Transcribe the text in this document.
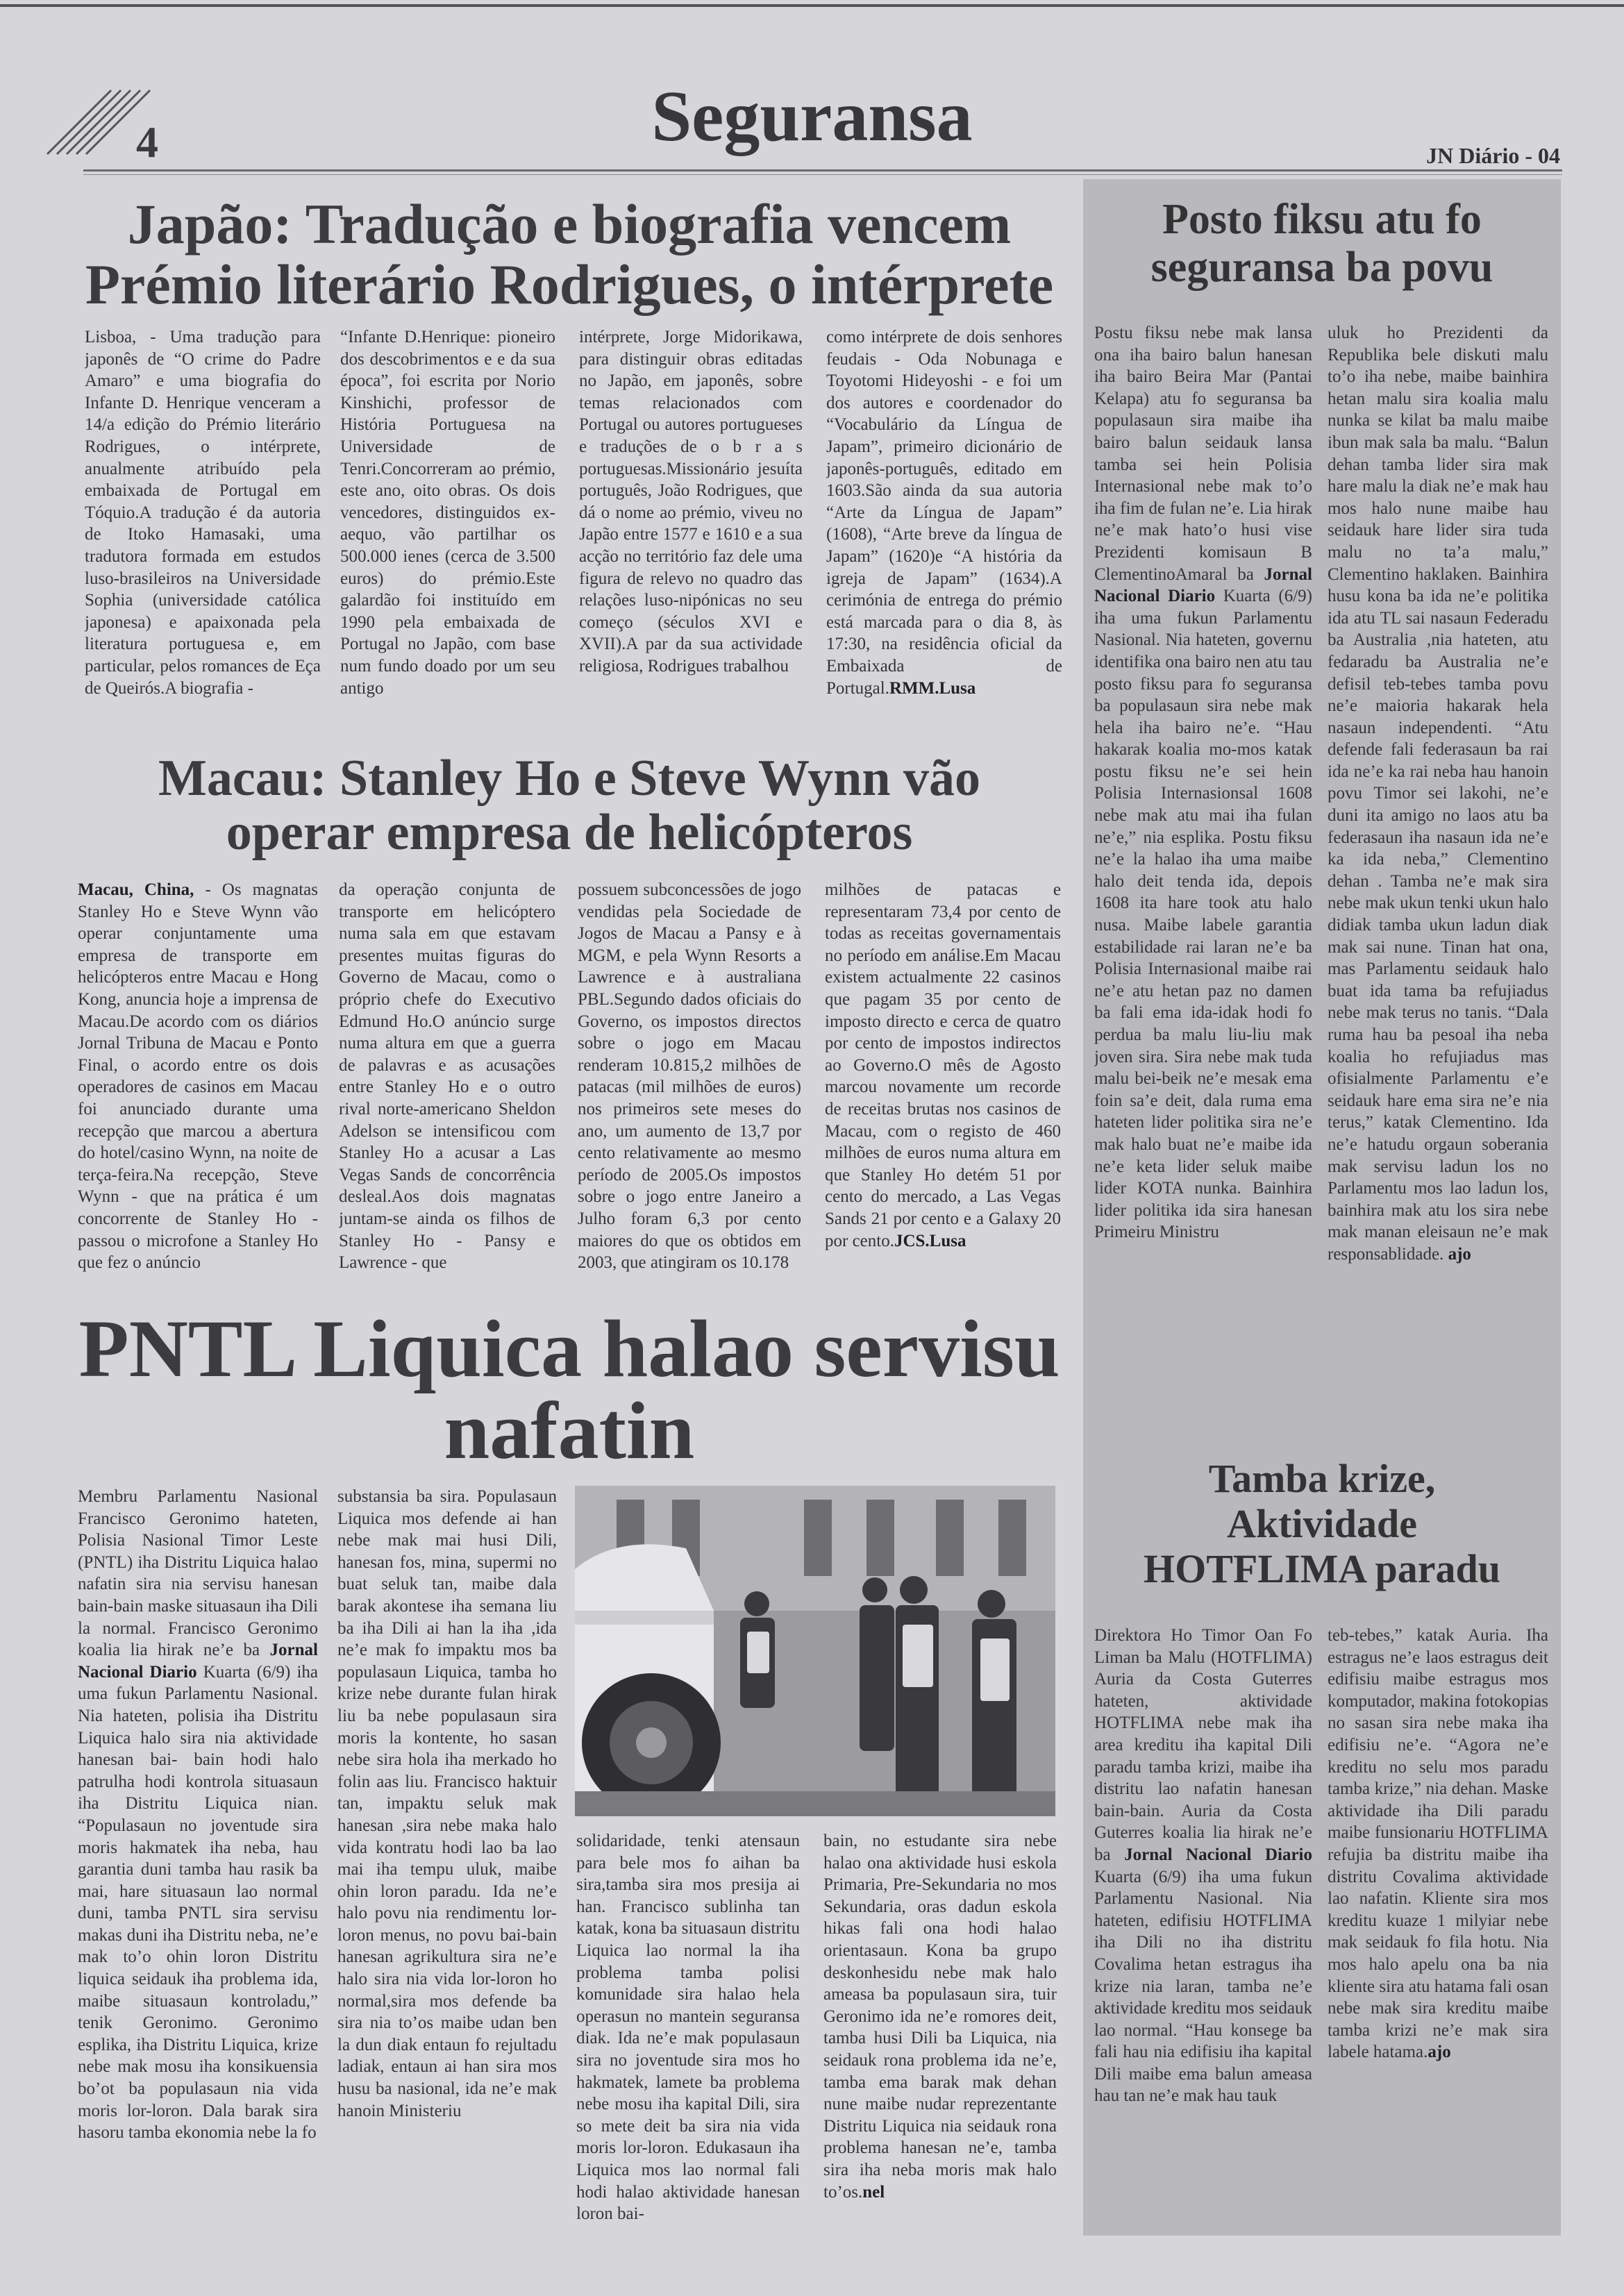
4	Seguransa	JN Diário - 04
Japão: Tradução e biografia vencem
Prémio literário Rodrigues, o intérprete

Lisboa, - Uma tradução para japonês de “O crime do Padre Amaro” e uma biografia do Infante D. Henrique venceram a 14/a edição do Prémio literário Rodrigues, o intérprete, anualmente atribuído pela embaixada de Portugal em Tóquio.A tradução é da autoria de Itoko Hamasaki, uma tradutora formada em estudos luso-brasileiros na Universidade Sophia (universidade católica japonesa) e apaixonada pela literatura portuguesa e, em particular, pelos romances de Eça de Queirós.A biografia -

“Infante D.Henrique: pioneiro dos descobrimentos e e da sua época”, foi escrita por Norio Kinshichi, professor de História Portuguesa na Universidade de Tenri.Concorreram ao prémio, este ano, oito obras. Os dois vencedores, distinguidos ex-aequo, vão partilhar os 500.000 ienes (cerca de 3.500 euros) do prémio.Este galardão foi instituído em 1990 pela embaixada de Portugal no Japão, com base num fundo doado por um seu antigo

intérprete, Jorge Midorikawa, para distinguir obras editadas no Japão, em japonês, sobre temas relacionados com Portugal ou autores portugueses e traduções de o b r a s portuguesas.Missionário jesuíta português, João Rodrigues, que dá o nome ao prémio, viveu no Japão entre 1577 e 1610 e a sua acção no território faz dele uma figura de relevo no quadro das relações luso-nipónicas no seu começo (séculos XVI e XVII).A par da sua actividade religiosa, Rodrigues trabalhou

como intérprete de dois senhores feudais - Oda Nobunaga e Toyotomi Hideyoshi - e foi um dos autores e coordenador do “Vocabulário da Língua de Japam”, primeiro dicionário de japonês-português, editado em 1603.São ainda da sua autoria “Arte da Língua de Japam” (1608), “Arte breve da língua de Japam” (1620)e “A história da igreja de Japam” (1634).A cerimónia de entrega do prémio está marcada para o dia 8, às 17:30, na residência oficial da Embaixada de Portugal.RMM.Lusa

Macau: Stanley Ho e Steve Wynn vão
operar empresa de helicópteros

Macau, China, - Os magnatas Stanley Ho e Steve Wynn vão operar conjuntamente uma empresa de transporte em helicópteros entre Macau e Hong Kong, anuncia hoje a imprensa de Macau.De acordo com os diários Jornal Tribuna de Macau e Ponto Final, o acordo entre os dois operadores de casinos em Macau foi anunciado durante uma recepção que marcou a abertura do hotel/casino Wynn, na noite de terça-feira.Na recepção, Steve Wynn - que na prática é um concorrente de Stanley Ho - passou o microfone a Stanley Ho que fez o anúncio

da operação conjunta de transporte em helicóptero numa sala em que estavam presentes muitas figuras do Governo de Macau, como o próprio chefe do Executivo Edmund Ho.O anúncio surge numa altura em que a guerra de palavras e as acusações entre Stanley Ho e o outro rival norte-americano Sheldon Adelson se intensificou com Stanley Ho a acusar a Las Vegas Sands de concorrência desleal.Aos dois magnatas juntam-se ainda os filhos de Stanley Ho - Pansy e Lawrence - que

possuem subconcessões de jogo vendidas pela Sociedade de Jogos de Macau a Pansy e à MGM, e pela Wynn Resorts a Lawrence e à australiana PBL.Segundo dados oficiais do Governo, os impostos directos sobre o jogo em Macau renderam 10.815,2 milhões de patacas (mil milhões de euros) nos primeiros sete meses do ano, um aumento de 13,7 por cento relativamente ao mesmo período de 2005.Os impostos sobre o jogo entre Janeiro a Julho foram 6,3 por cento maiores do que os obtidos em 2003, que atingiram os 10.178

milhões de patacas e representaram 73,4 por cento de todas as receitas governamentais no período em análise.Em Macau existem actualmente 22 casinos que pagam 35 por cento de imposto directo e cerca de quatro por cento de impostos indirectos ao Governo.O mês de Agosto marcou novamente um recorde de receitas brutas nos casinos de Macau, com o registo de 460 milhões de euros numa altura em que Stanley Ho detém 51 por cento do mercado, a Las Vegas Sands 21 por cento e a Galaxy 20 por cento.JCS.Lusa

PNTL Liquica halao servisu
nafatin

Membru Parlamentu Nasional Francisco Geronimo hateten, Polisia Nasional Timor Leste (PNTL) iha Distritu Liquica halao nafatin sira nia servisu hanesan bain-bain maske situasaun iha Dili la normal. Francisco Geronimo koalia lia hirak ne’e ba Jornal Nacional Diario Kuarta (6/9) iha uma fukun Parlamentu Nasional. Nia hateten, polisia iha Distritu Liquica halo sira nia aktividade hanesan bai- bain hodi halo patrulha hodi kontrola situasaun iha Distritu Liquica nian. “Populasaun no joventude sira moris hakmatek iha neba, hau garantia duni tamba hau rasik ba mai, hare situasaun lao normal duni, tamba PNTL sira servisu makas duni iha Distritu neba, ne’e mak to’o ohin loron Distritu liquica seidauk iha problema ida, maibe situasaun kontroladu,” tenik Geronimo. Geronimo esplika, iha Distritu Liquica, krize nebe mak mosu iha konsikuensia bo’ot ba populasaun nia vida moris lor-loron. Dala barak sira hasoru tamba ekonomia nebe la fo

substansia ba sira. Populasaun Liquica mos defende ai han nebe mak mai husi Dili, hanesan fos, mina, supermi no buat seluk tan, maibe dala barak akontese iha semana liu ba iha Dili ai han la iha ,ida ne’e mak fo impaktu mos ba populasaun Liquica, tamba ho krize nebe durante fulan hirak liu ba nebe populasaun sira moris la kontente, ho sasan nebe sira hola iha merkado ho folin aas liu. Francisco haktuir tan, impaktu seluk mak hanesan ,sira nebe maka halo vida kontratu hodi lao ba lao mai iha tempu uluk, maibe ohin loron paradu. Ida ne’e halo povu nia rendimentu lor-loron menus, no povu bai-bain hanesan agrikultura sira ne’e halo sira nia vida lor-loron ho normal,sira mos defende ba sira nia to’os maibe udan ben la dun diak entaun fo rejultadu ladiak, entaun ai han sira mos husu ba nasional, ida ne’e mak hanoin Ministeriu

solidaridade, tenki atensaun para bele mos fo aihan ba sira,tamba sira mos presija ai han. Francisco sublinha tan katak, kona ba situasaun distritu Liquica lao normal la iha problema tamba polisi komunidade sira halao hela operasun no mantein seguransa diak. Ida ne’e mak populasaun sira no joventude sira mos ho hakmatek, lamete ba problema nebe mosu iha kapital Dili, sira so mete deit ba sira nia vida moris lor-loron. Edukasaun iha Liquica mos lao normal fali hodi halao aktividade hanesan loron bai-

bain, no estudante sira nebe halao ona aktividade husi eskola Primaria, Pre-Sekundaria no mos Sekundaria, oras dadun eskola hikas fali ona hodi halao orientasaun. Kona ba grupo deskonhesidu nebe mak halo ameasa ba populasaun sira, tuir Geronimo ida ne’e romores deit, tamba husi Dili ba Liquica, nia seidauk rona problema ida ne’e, tamba ema barak mak dehan nune maibe nudar reprezentante Distritu Liquica nia seidauk rona problema hanesan ne’e, tamba sira iha neba moris mak halo to’os.nel

Posto fiksu atu fo
seguransa ba povu

Postu fiksu nebe mak lansa ona iha bairo balun hanesan iha bairo Beira Mar (Pantai Kelapa) atu fo seguransa ba populasaun sira maibe iha bairo balun seidauk lansa tamba sei hein Polisia Internasional nebe mak to’o iha fim de fulan ne’e. Lia hirak ne’e mak hato’o husi vise Prezidenti komisaun B ClementinoAmaral ba Jornal Nacional Diario Kuarta (6/9) iha uma fukun Parlamentu Nasional. Nia hateten, governu identifika ona bairo nen atu tau posto fiksu para fo seguransa ba populasaun sira nebe mak hela iha bairo ne’e. “Hau hakarak koalia mo-mos katak postu fiksu ne’e sei hein Polisia Internasionsal 1608 nebe mak atu mai iha fulan ne’e,” nia esplika. Postu fiksu ne’e la halao iha uma maibe halo deit tenda ida, depois 1608 ita hare took atu halo nusa. Maibe labele garantia estabilidade rai laran ne’e ba Polisia Internasional maibe rai ne’e atu hetan paz no damen ba fali ema ida-idak hodi fo perdua ba malu liu-liu mak joven sira. Sira nebe mak tuda malu bei-beik ne’e mesak ema foin sa’e deit, dala ruma ema hateten lider politika sira ne’e mak halo buat ne’e maibe ida ne’e keta lider seluk maibe lider KOTA nunka. Bainhira lider politika ida sira hanesan Primeiru Ministru

uluk ho Prezidenti da Republika bele diskuti malu to’o iha nebe, maibe bainhira hetan malu sira koalia malu nunka se kilat ba malu maibe ibun mak sala ba malu. “Balun dehan tamba lider sira mak hare malu la diak ne’e mak hau mos halo nune maibe hau seidauk hare lider sira tuda malu no ta’a malu,” Clementino haklaken. Bainhira husu kona ba ida ne’e politika ida atu TL sai nasaun Federadu ba Australia ,nia hateten, atu fedaradu ba Australia ne’e defisil teb-tebes tamba povu ne’e maioria hakarak hela nasaun independenti. “Atu defende fali federasaun ba rai ida ne’e ka rai neba hau hanoin povu Timor sei lakohi, ne’e duni ita amigo no laos atu ba federasaun iha nasaun ida ne’e ka ida neba,” Clementino dehan . Tamba ne’e mak sira nebe mak ukun tenki ukun halo didiak tamba ukun ladun diak mak sai nune. Tinan hat ona, mas Parlamentu seidauk halo buat ida tama ba refujiadus nebe mak terus no tanis. “Dala ruma hau ba pesoal iha neba koalia ho refujiadus mas ofisialmente Parlamentu e’e seidauk hare ema sira ne’e nia terus,” katak Clementino. Ida ne’e hatudu orgaun soberania mak servisu ladun los no Parlamentu mos lao ladun los, bainhira mak atu los sira nebe mak manan eleisaun ne’e mak responsablidade. ajo

Tamba krize,
Aktividade
HOTFLIMA paradu

Direktora Ho Timor Oan Fo Liman ba Malu (HOTFLIMA) Auria da Costa Guterres hateten, aktividade HOTFLIMA nebe mak iha area kreditu iha kapital Dili paradu tamba krizi, maibe iha distritu lao nafatin hanesan bain-bain. Auria da Costa Guterres koalia lia hirak ne’e ba Jornal Nacional Diario Kuarta (6/9) iha uma fukun Parlamentu Nasional. Nia hateten, edifisiu HOTFLIMA iha Dili no iha distritu Covalima hetan estragus iha krize nia laran, tamba ne’e aktividade kreditu mos seidauk lao normal. “Hau konsege ba fali hau nia edifisiu iha kapital Dili maibe ema balun ameasa hau tan ne’e mak hau tauk

teb-tebes,” katak Auria. Iha estragus ne’e laos estragus deit edifisiu maibe estragus mos komputador, makina fotokopias no sasan sira nebe maka iha edifisiu ne’e. “Agora ne’e kreditu no selu mos paradu tamba krize,” nia dehan. Maske aktividade iha Dili paradu maibe funsionariu HOTFLIMA refujia ba distritu maibe iha distritu Covalima aktividade lao nafatin. Kliente sira mos kreditu kuaze 1 milyiar nebe mak seidauk fo fila hotu. Nia mos halo apelu ona ba nia kliente sira atu hatama fali osan nebe mak sira kreditu maibe tamba krizi ne’e mak sira labele hatama.ajo
